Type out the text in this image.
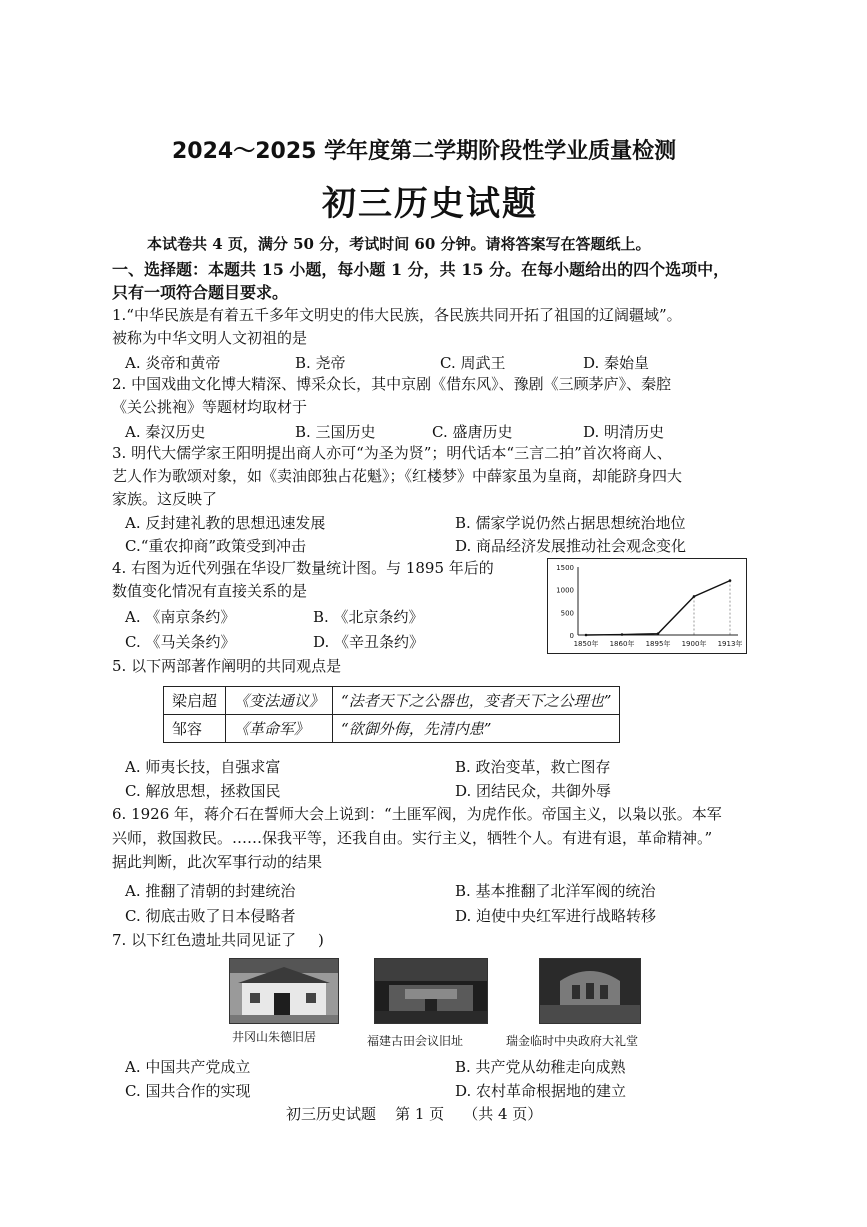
2024～2025 学年度第二学期阶段性学业质量检测
初三历史试题
本试卷共 4 页，满分 50 分，考试时间 60 分钟。请将答案写在答题纸上。
一、选择题：本题共 15 小题，每小题 1 分，共 15 分。在每小题给出的四个选项中，
只有一项符合题目要求。
1.“中华民族是有着五千多年文明史的伟大民族，各民族共同开拓了祖国的辽阔疆域”。
被称为中华文明人文初祖的是
A. 炎帝和黄帝	B. 尧帝	C. 周武王	D. 秦始皇
2. 中国戏曲文化博大精深、博采众长，其中京剧《借东风》、豫剧《三顾茅庐》、秦腔
《关公挑袍》等题材均取材于
A. 秦汉历史	B. 三国历史	C. 盛唐历史	D. 明清历史
3. 明代大儒学家王阳明提出商人亦可“为圣为贤”；明代话本“三言二拍”首次将商人、
艺人作为歌颂对象，如《卖油郎独占花魁》；《红楼梦》中薛家虽为皇商，却能跻身四大
家族。这反映了
A. 反封建礼教的思想迅速发展	B. 儒家学说仍然占据思想统治地位
C.“重农抑商”政策受到冲击	D. 商品经济发展推动社会观念变化
4. 右图为近代列强在华设厂数量统计图。与 1895 年后的
数值变化情况有直接关系的是
A. 《南京条约》	B. 《北京条约》
C. 《马关条约》	D. 《辛丑条约》
1500
1000
500
0
1850年 1860年 1895年 1900年 1913年
5. 以下两部著作阐明的共同观点是
梁启超	《变法通议》	“法者天下之公器也，变者天下之公理也”
邹容	《革命军》	“欲御外侮，先清内患”
A. 师夷长技，自强求富	B. 政治变革，救亡图存
C. 解放思想，拯救国民	D. 团结民众，共御外辱
6. 1926 年，蒋介石在誓师大会上说到：“土匪军阀，为虎作伥。帝国主义，以枭以张。本军
兴师，救国救民。……保我平等，还我自由。实行主义，牺牲个人。有进有退，革命精神。”
据此判断，此次军事行动的结果
A. 推翻了清朝的封建统治	B. 基本推翻了北洋军阀的统治
C. 彻底击败了日本侵略者	D. 迫使中央红军进行战略转移
7. 以下红色遗址共同见证了 )
井冈山朱德旧居	福建古田会议旧址	瑞金临时中央政府大礼堂
A. 中国共产党成立	B. 共产党从幼稚走向成熟
C. 国共合作的实现	D. 农村革命根据地的建立
初三历史试题    第 1 页    （共 4 页）
